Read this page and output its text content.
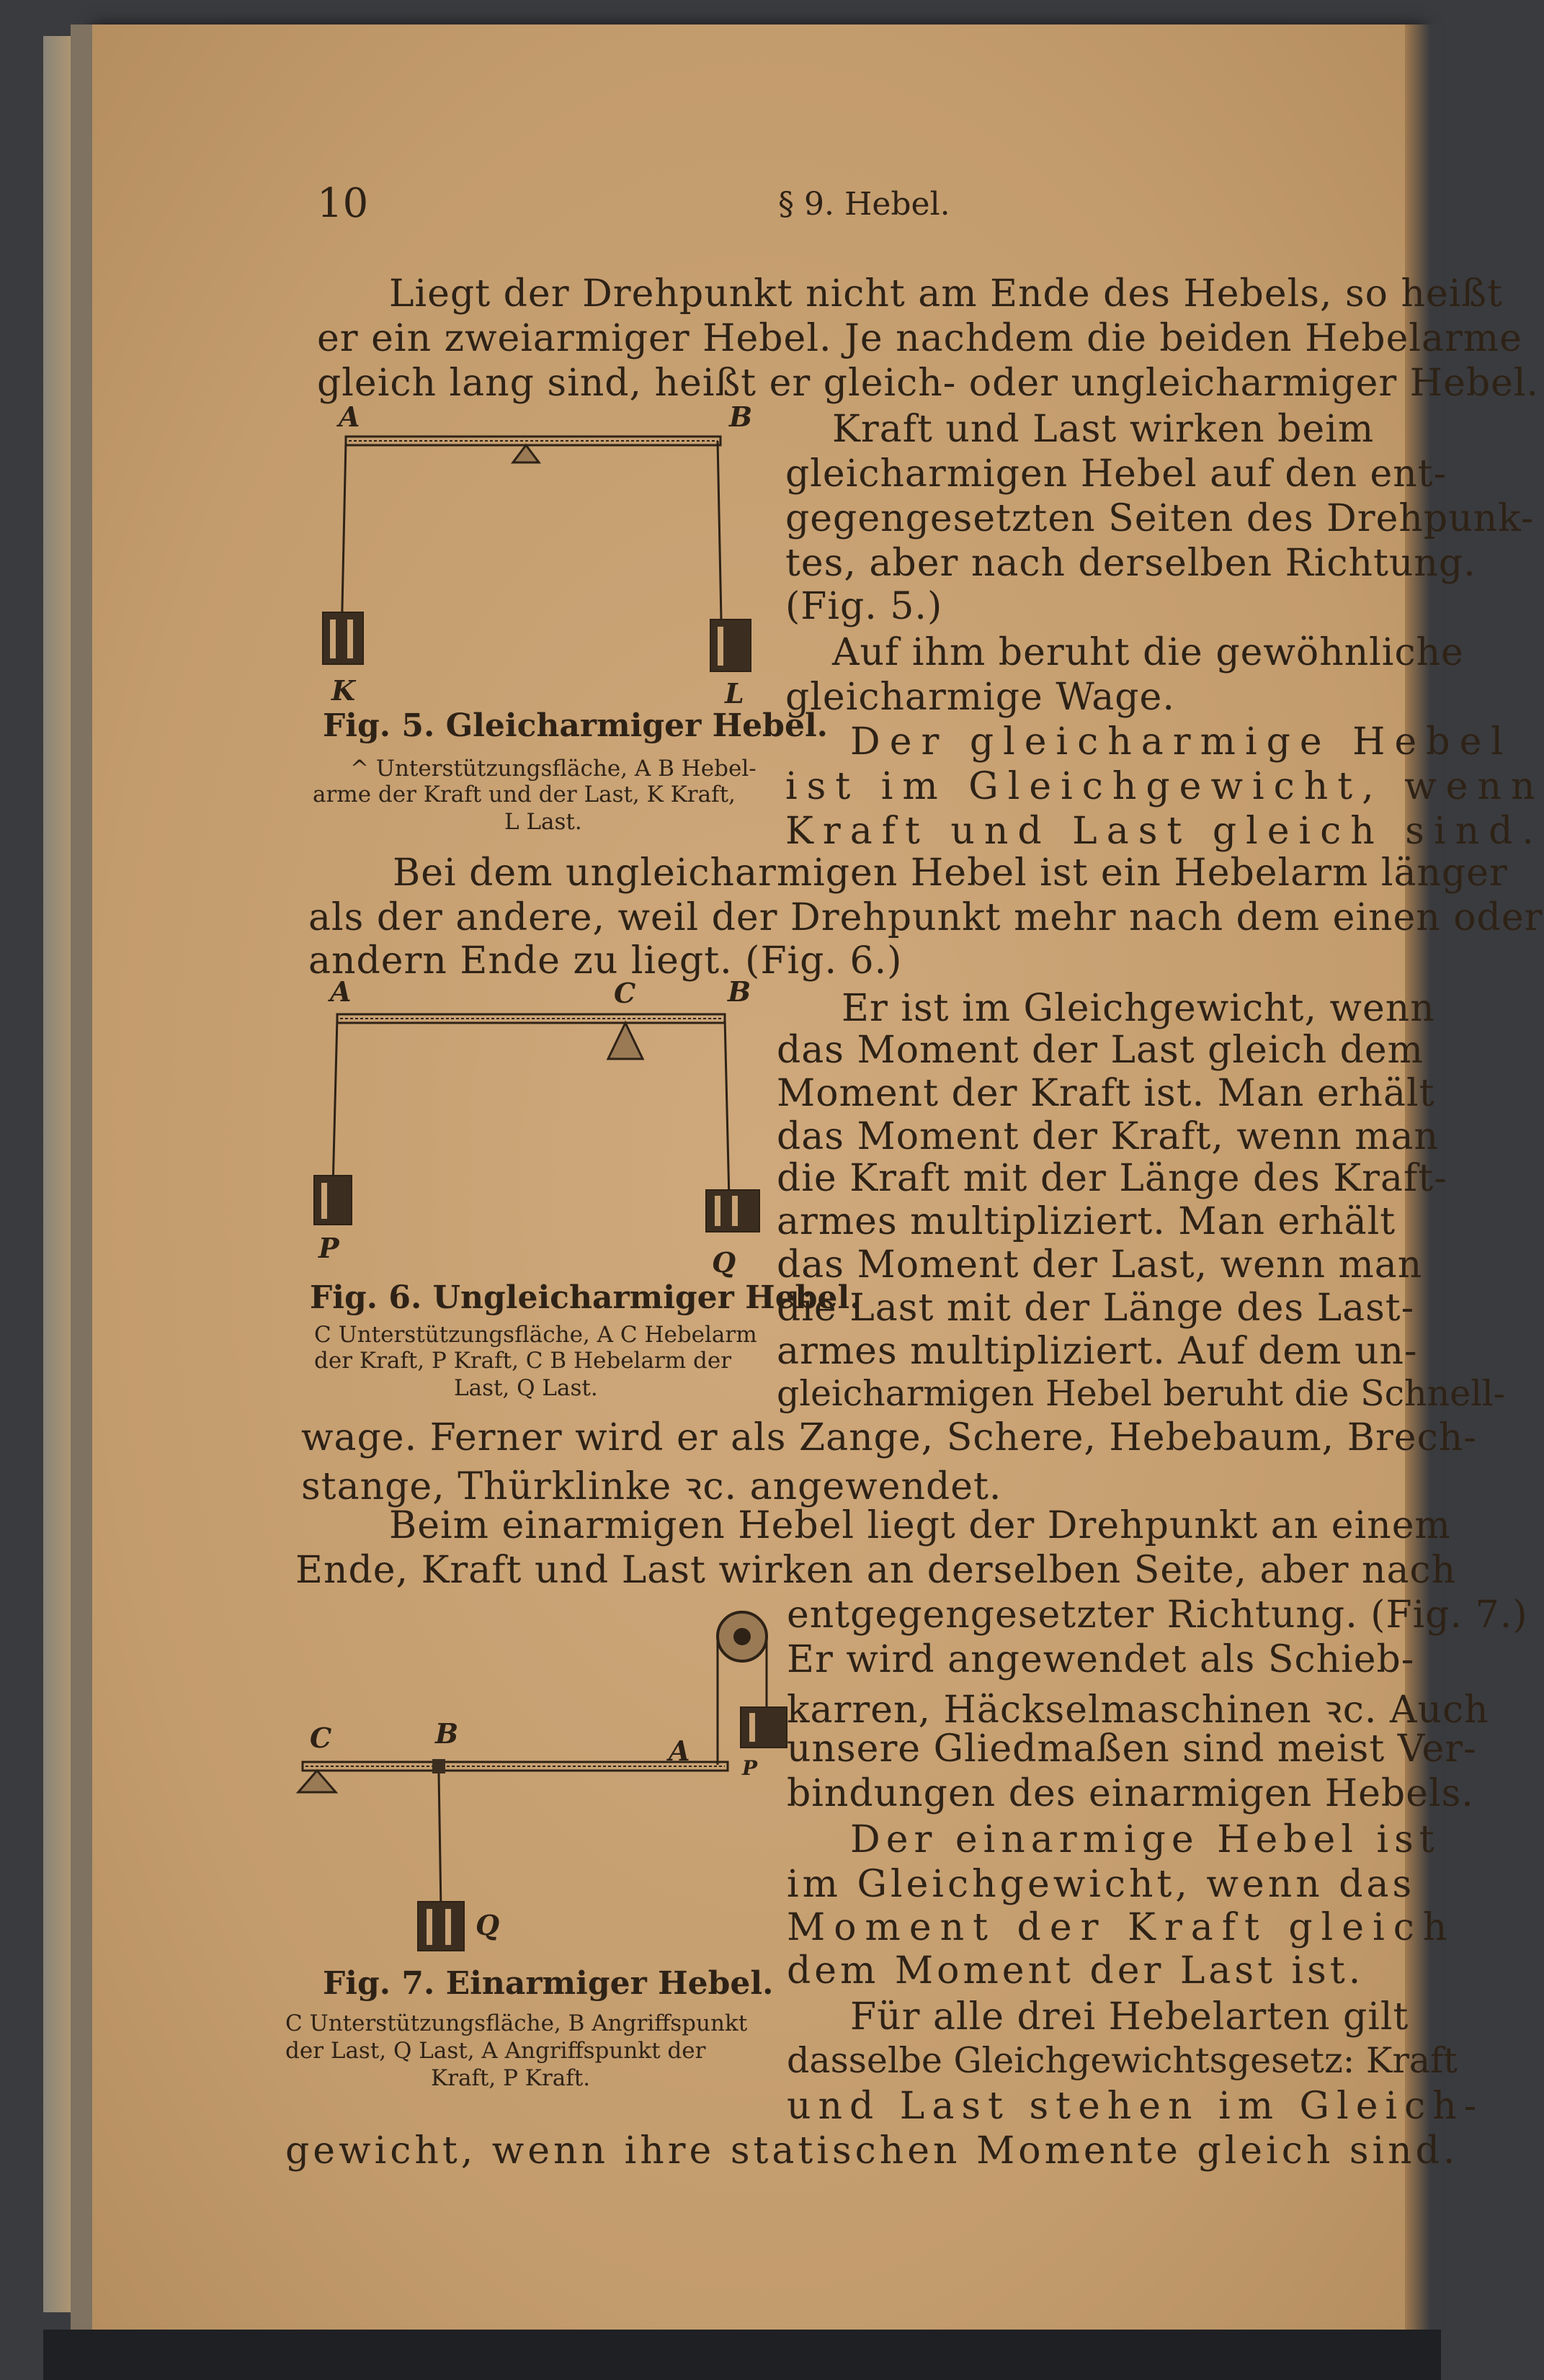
10	§ 9. Hebel.
Liegt der Drehpunkt nicht am Ende des Hebels, so heißt
er ein zweiarmiger Hebel. Je nachdem die beiden Hebelarme
gleich lang sind, heißt er gleich- oder ungleicharmiger Hebel.
Kraft und Last wirken beim
gleicharmigen Hebel auf den ent-
gegengesetzten Seiten des Drehpunk-
tes, aber nach derselben Richtung.
(Fig. 5.)
Auf ihm beruht die gewöhnliche
gleicharmige Wage.
Der gleicharmige Hebel
ist im Gleichgewicht, wenn
Kraft und Last gleich sind.
A	B
K	L
Fig. 5. Gleicharmiger Hebel.
^ Unterstützungsfläche, A B Hebel-
arme der Kraft und der Last, K Kraft,
L Last.
Bei dem ungleicharmigen Hebel ist ein Hebelarm länger
als der andere, weil der Drehpunkt mehr nach dem einen oder
andern Ende zu liegt. (Fig. 6.)
A	C	B
P	Q
Fig. 6. Ungleicharmiger Hebel.
C Unterstützungsfläche, A C Hebelarm
der Kraft, P Kraft, C B Hebelarm der
Last, Q Last.
Er ist im Gleichgewicht, wenn
das Moment der Last gleich dem
Moment der Kraft ist. Man erhält
das Moment der Kraft, wenn man
die Kraft mit der Länge des Kraft-
armes multipliziert. Man erhält
das Moment der Last, wenn man
die Last mit der Länge des Last-
armes multipliziert. Auf dem un-
gleicharmigen Hebel beruht die Schnell-
wage. Ferner wird er als Zange, Schere, Hebebaum, Brech-
stange, Thürklinke ꝛc. angewendet.
Beim einarmigen Hebel liegt der Drehpunkt an einem
Ende, Kraft und Last wirken an derselben Seite, aber nach
C	B
A
P
Q
Fig. 7. Einarmiger Hebel.
C Unterstützungsfläche, B Angriffspunkt
der Last, Q Last, A Angriffspunkt der
Kraft, P Kraft.
entgegengesetzter Richtung. (Fig. 7.)
Er wird angewendet als Schieb-
karren, Häckselmaschinen ꝛc. Auch
unsere Gliedmaßen sind meist Ver-
bindungen des einarmigen Hebels.
Der einarmige Hebel ist
im Gleichgewicht, wenn das
Moment der Kraft gleich
dem Moment der Last ist.
Für alle drei Hebelarten gilt
dasselbe Gleichgewichtsgesetz: Kraft
und Last stehen im Gleich-
gewicht, wenn ihre statischen Momente gleich sind.
